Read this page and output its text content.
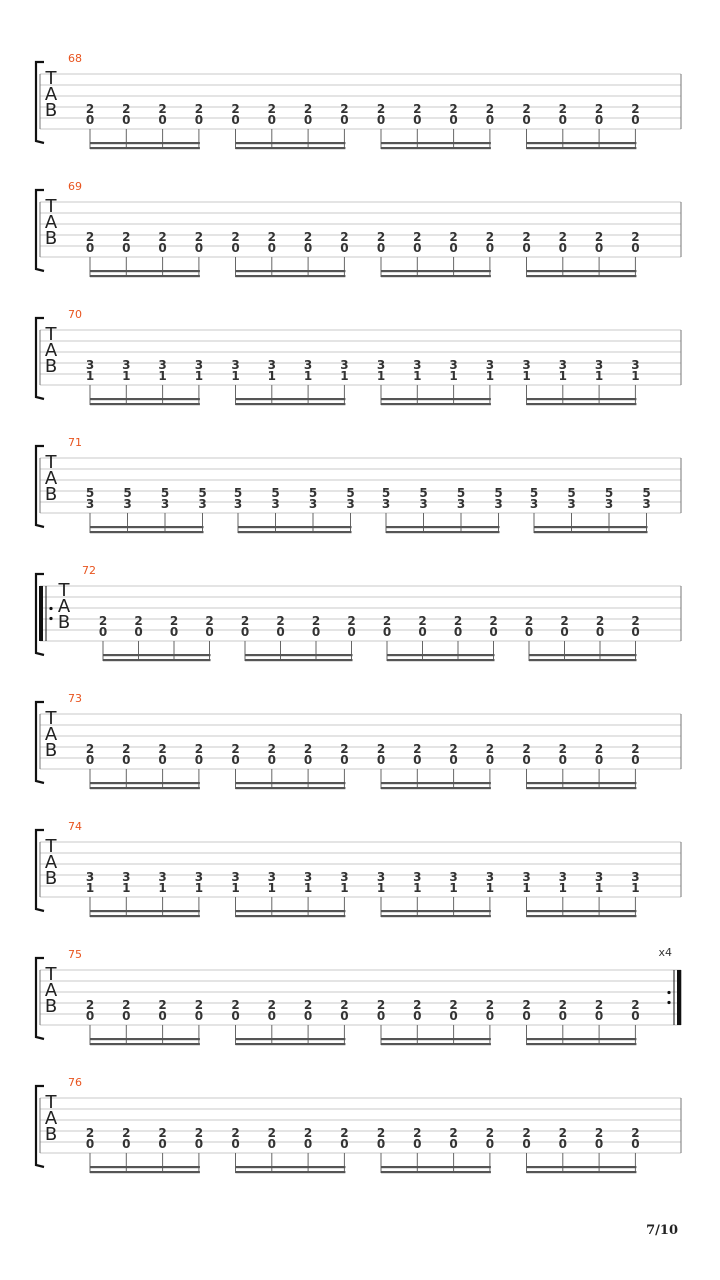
7/10
68
T
A
B 2
0
2
0
2
0
2
0
2
0
2
0
2
0
2
0
2
0
2
0
2
0
2
0
2
0
2
0
2
0
2
0
69
T
A
B 2
0
2
0
2
0
2
0
2
0
2
0
2
0
2
0
2
0
2
0
2
0
2
0
2
0
2
0
2
0
2
0
70
T
A
B 3
1
3
1
3
1
3
1
3
1
3
1
3
1
3
1
3
1
3
1
3
1
3
1
3
1
3
1
3
1
3
1
71
T
A
B 5
3
5
3
5
3
5
3
5
3
5
3
5
3
5
3
5
3
5
3
5
3
5
3
5
3
5
3
5
3
5
3
72
T
A
B 2
0
2
0
2
0
2
0
2
0
2
0
2
0
2
0
2
0
2
0
2
0
2
0
2
0
2
0
2
0
2
0
73
T
A
B 2
0
2
0
2
0
2
0
2
0
2
0
2
0
2
0
2
0
2
0
2
0
2
0
2
0
2
0
2
0
2
0
74
T
A
B 3
1
3
1
3
1
3
1
3
1
3
1
3
1
3
1
3
1
3
1
3
1
3
1
3
1
3
1
3
1
3
1
75	x4
T
A
B 2
0
2
0
2
0
2
0
2
0
2
0
2
0
2
0
2
0
2
0
2
0
2
0
2
0
2
0
2
0
2
0
76
T
A
B 2
0
2
0
2
0
2
0
2
0
2
0
2
0
2
0
2
0
2
0
2
0
2
0
2
0
2
0
2
0
2
0
